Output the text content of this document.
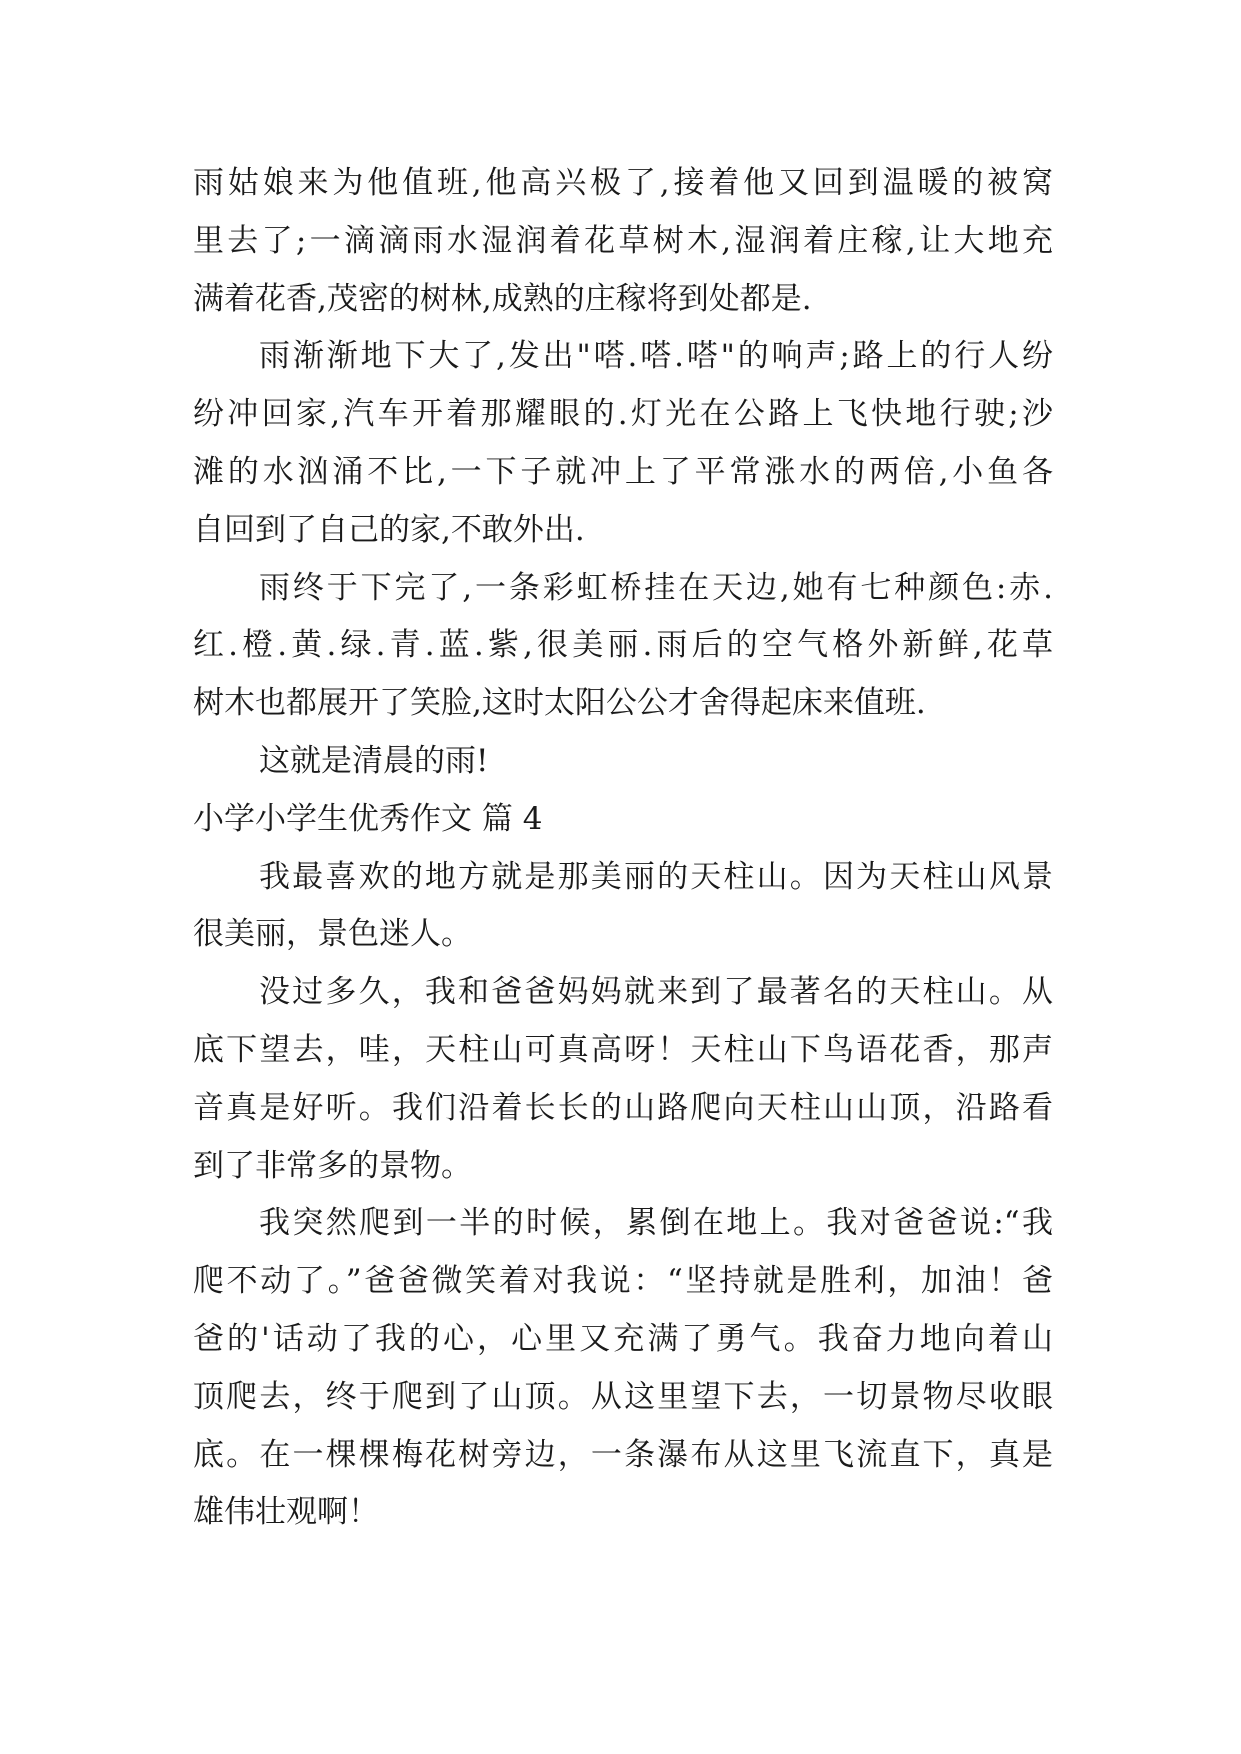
雨姑娘来为他值班,他高兴极了,接着他又回到温暖的被窝
里去了;一滴滴雨水湿润着花草树木,湿润着庄稼,让大地充
满着花香,茂密的树林,成熟的庄稼将到处都是.
雨渐渐地下大了,发出"嗒.嗒.嗒"的响声;路上的行人纷
纷冲回家,汽车开着那耀眼的.灯光在公路上飞快地行驶;沙
滩的水汹涌不比,一下子就冲上了平常涨水的两倍,小鱼各
自回到了自己的家,不敢外出.
雨终于下完了,一条彩虹桥挂在天边,她有七种颜色:赤.
红.橙.黄.绿.青.蓝.紫,很美丽.雨后的空气格外新鲜,花草
树木也都展开了笑脸,这时太阳公公才舍得起床来值班.
这就是清晨的雨!
小学小学生优秀作文 篇 4
我最喜欢的地方就是那美丽的天柱山。因为天柱山风景
很美丽，景色迷人。
没过多久，我和爸爸妈妈就来到了最著名的天柱山。从
底下望去，哇，天柱山可真高呀！天柱山下鸟语花香，那声
音真是好听。我们沿着长长的山路爬向天柱山山顶，沿路看
到了非常多的景物。
我突然爬到一半的时候，累倒在地上。我对爸爸说:“我
爬不动了。”爸爸微笑着对我说：“坚持就是胜利，加油！爸
爸的'话动了我的心，心里又充满了勇气。我奋力地向着山
顶爬去，终于爬到了山顶。从这里望下去，一切景物尽收眼
底。在一棵棵梅花树旁边，一条瀑布从这里飞流直下，真是
雄伟壮观啊！
